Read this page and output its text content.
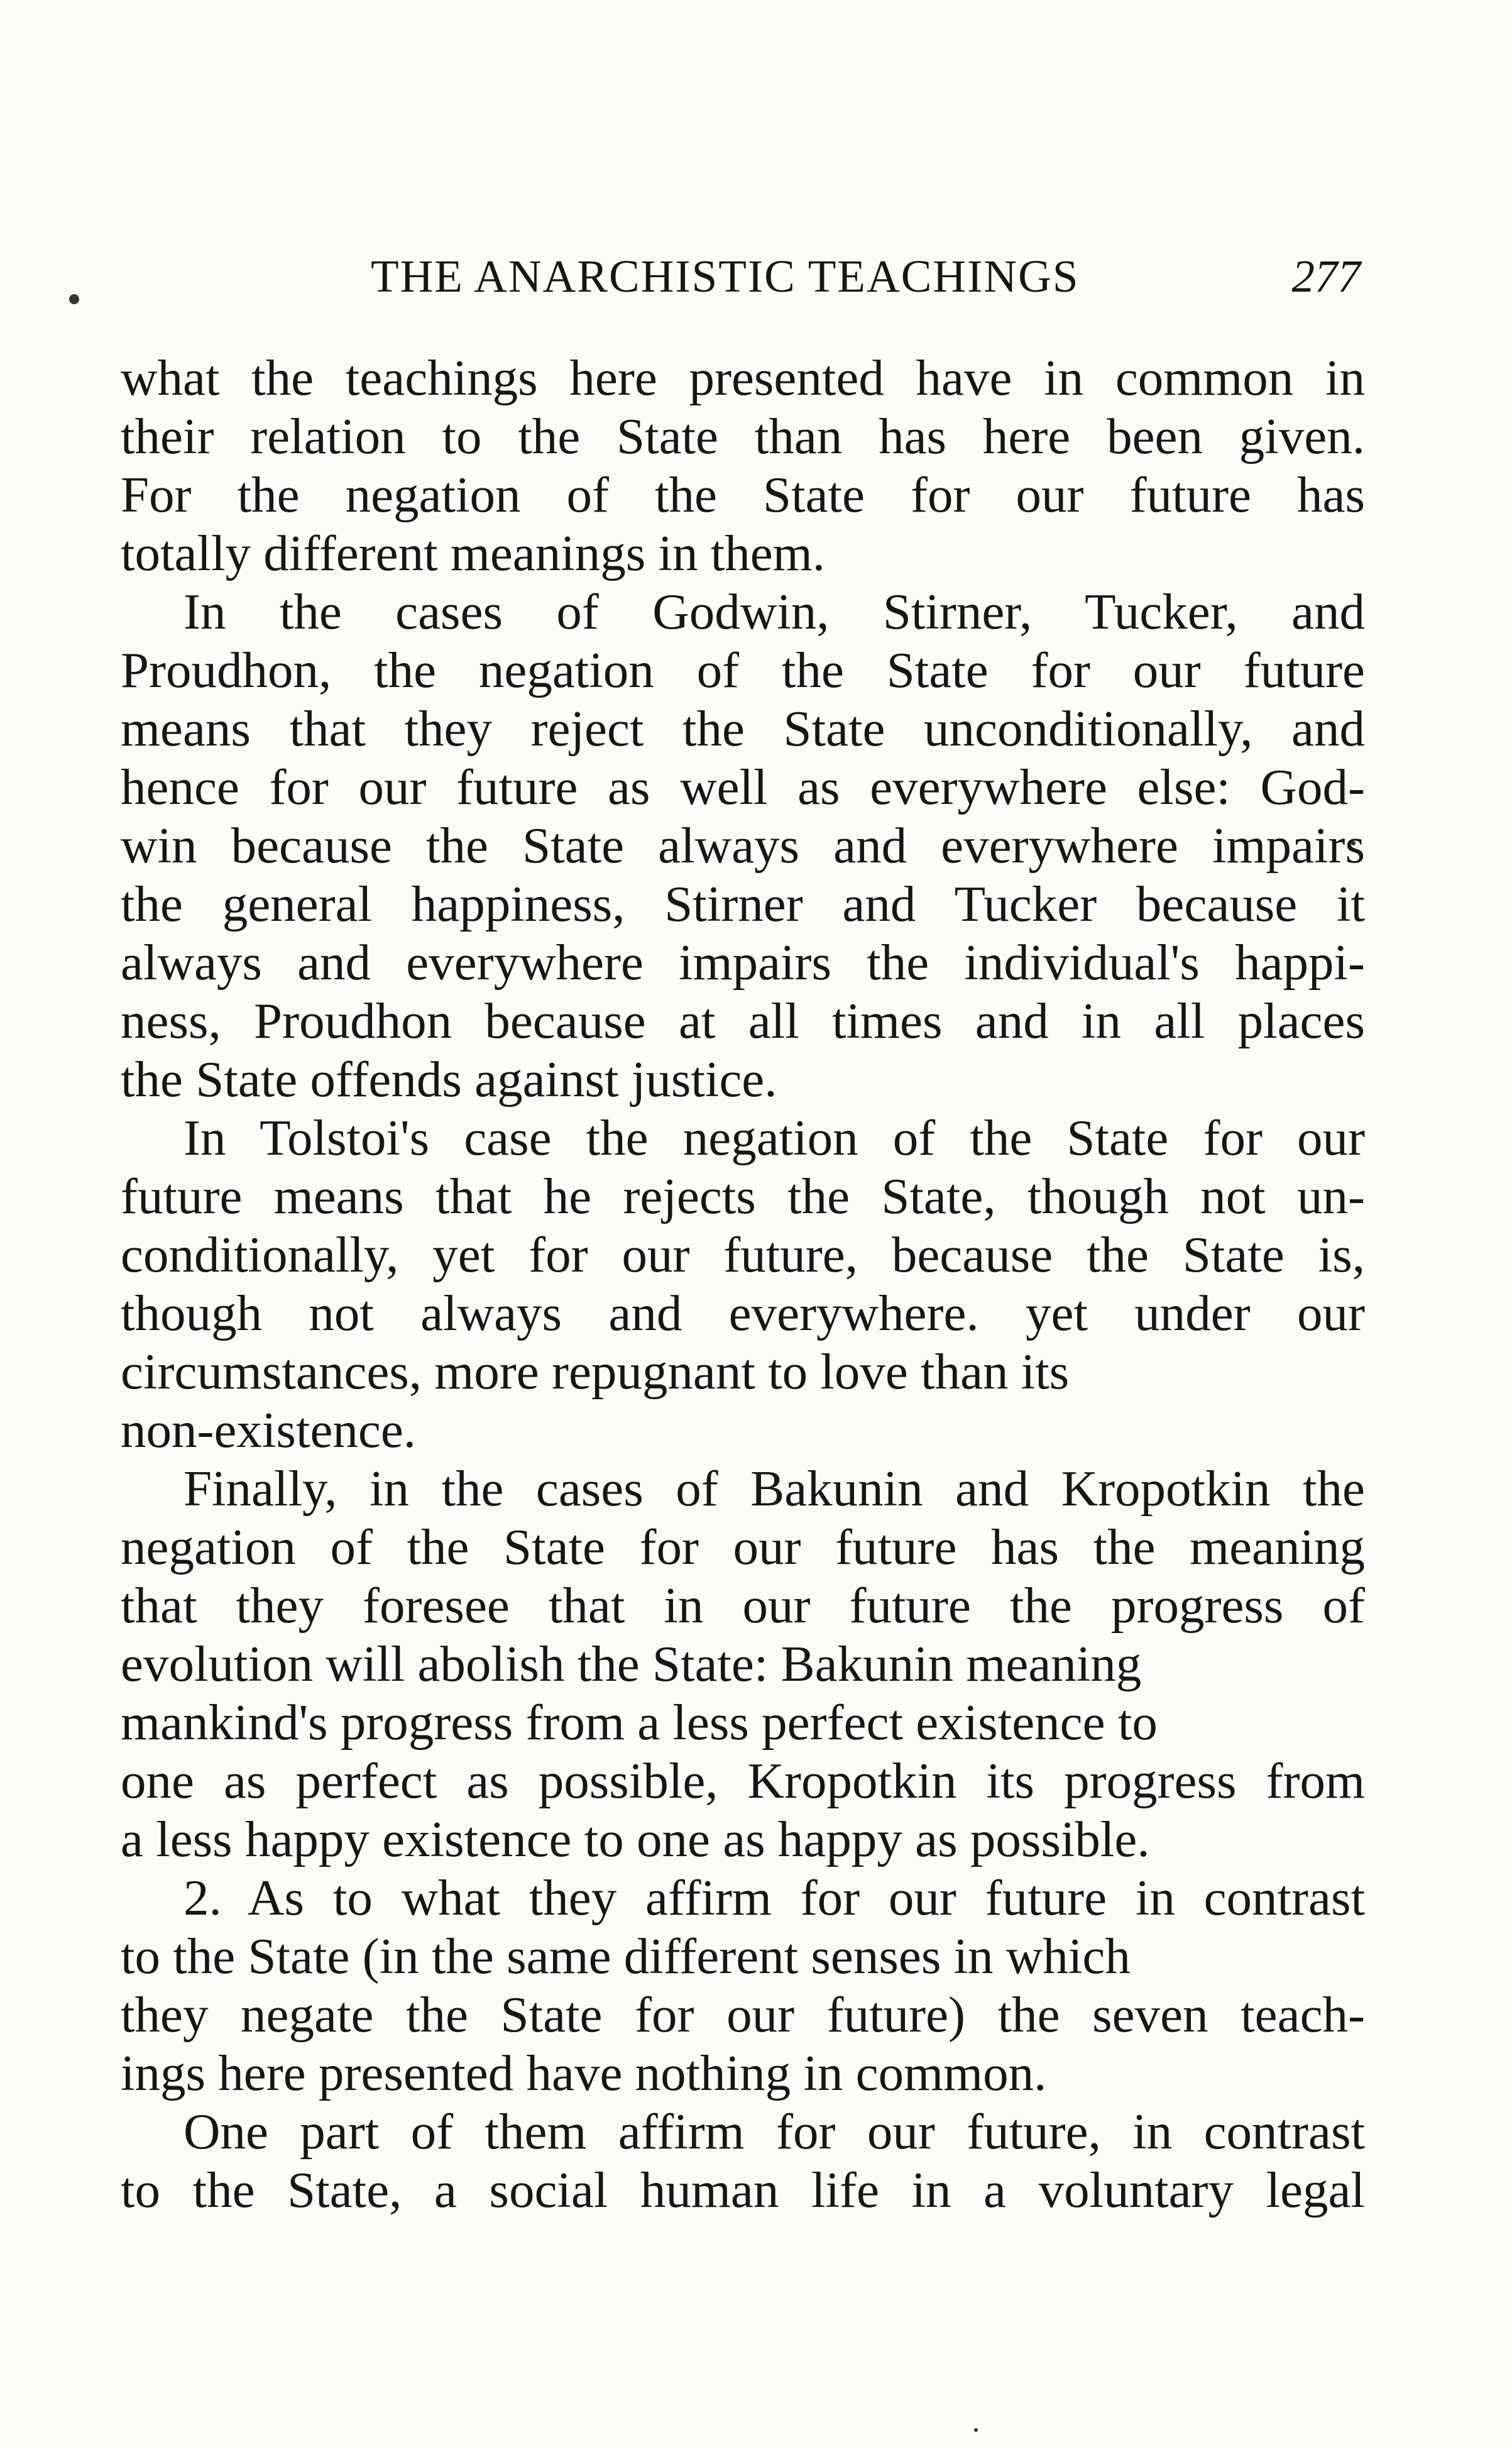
THE ANARCHISTIC TEACHINGS	277
what the teachings here presented have in common in
their relation to the State than has here been given.
For the negation of the State for our future has
totally different meanings in them.
In the cases of Godwin, Stirner, Tucker, and
Proudhon, the negation of the State for our future
means that they reject the State unconditionally, and
hence for our future as well as everywhere else: God-
win because the State always and everywhere impairs
the general happiness, Stirner and Tucker because it
always and everywhere impairs the individual's happi-
ness, Proudhon because at all times and in all places
the State offends against justice.
In Tolstoi's case the negation of the State for our
future means that he rejects the State, though not un-
conditionally, yet for our future, because the State is,
though not always and everywhere. yet under our
circumstances, more repugnant to love than its
non-existence.
Finally, in the cases of Bakunin and Kropotkin the
negation of the State for our future has the meaning
that they foresee that in our future the progress of
evolution will abolish the State: Bakunin meaning
mankind's progress from a less perfect existence to
one as perfect as possible, Kropotkin its progress from
a less happy existence to one as happy as possible.
2. As to what they affirm for our future in contrast
to the State (in the same different senses in which
they negate the State for our future) the seven teach-
ings here presented have nothing in common.
One part of them affirm for our future, in contrast
to the State, a social human life in a voluntary legal
